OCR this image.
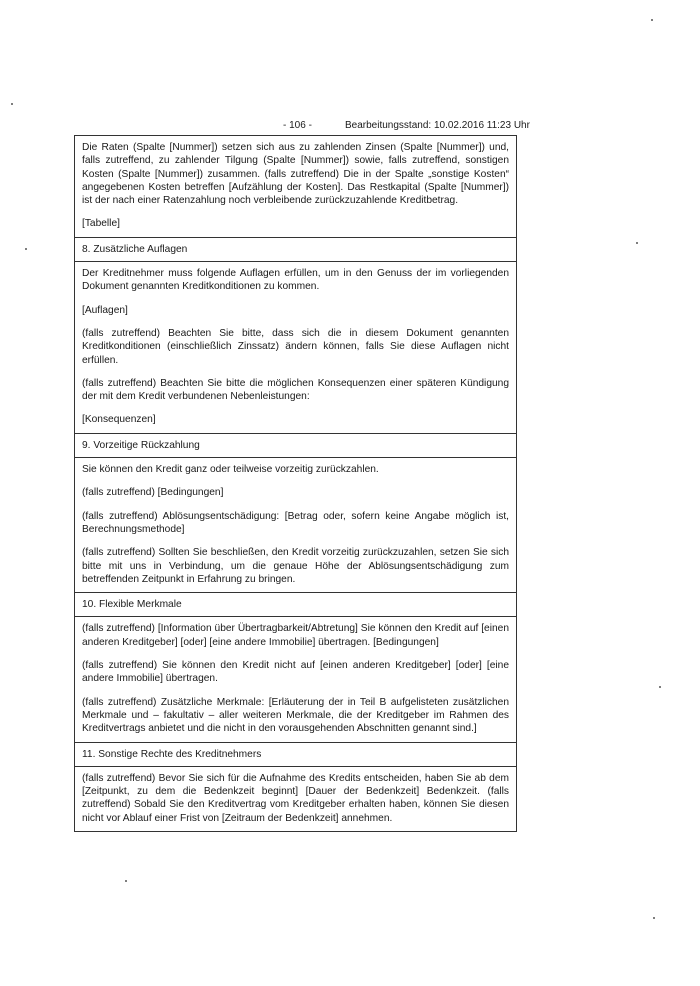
- 106 -	Bearbeitungsstand: 10.02.2016 11:23 Uhr

Die Raten (Spalte [Nummer]) setzen sich aus zu zahlenden Zinsen (Spalte [Nummer]) und, falls zutreffend, zu zahlender Tilgung (Spalte [Nummer]) sowie, falls zutreffend, sonstigen Kosten (Spalte [Nummer]) zusammen. (falls zutreffend) Die in der Spalte „sonstige Kosten“ angegebenen Kosten betreffen [Aufzählung der Kosten]. Das Restkapital (Spalte [Nummer]) ist der nach einer Ratenzahlung noch verbleibende zurückzuzahlende Kreditbetrag.

[Tabelle]

8. Zusätzliche Auflagen

Der Kreditnehmer muss folgende Auflagen erfüllen, um in den Genuss der im vorliegenden Dokument genannten Kreditkonditionen zu kommen.

[Auflagen]

(falls zutreffend) Beachten Sie bitte, dass sich die in diesem Dokument genannten Kreditkonditionen (einschließlich Zinssatz) ändern können, falls Sie diese Auflagen nicht erfüllen.

(falls zutreffend) Beachten Sie bitte die möglichen Konsequenzen einer späteren Kündigung der mit dem Kredit verbundenen Nebenleistungen:

[Konsequenzen]

9. Vorzeitige Rückzahlung

Sie können den Kredit ganz oder teilweise vorzeitig zurückzahlen.

(falls zutreffend) [Bedingungen]

(falls zutreffend) Ablösungsentschädigung: [Betrag oder, sofern keine Angabe möglich ist, Berechnungsmethode]

(falls zutreffend) Sollten Sie beschließen, den Kredit vorzeitig zurückzuzahlen, setzen Sie sich bitte mit uns in Verbindung, um die genaue Höhe der Ablösungsentschädigung zum betreffenden Zeitpunkt in Erfahrung zu bringen.

10. Flexible Merkmale

(falls zutreffend) [Information über Übertragbarkeit/Abtretung] Sie können den Kredit auf [einen anderen Kreditgeber] [oder] [eine andere Immobilie] übertragen. [Bedingungen]

(falls zutreffend) Sie können den Kredit nicht auf [einen anderen Kreditgeber] [oder] [eine andere Immobilie] übertragen.

(falls zutreffend) Zusätzliche Merkmale: [Erläuterung der in Teil B aufgelisteten zusätzlichen Merkmale und – fakultativ – aller weiteren Merkmale, die der Kreditgeber im Rahmen des Kreditvertrags anbietet und die nicht in den vorausgehenden Abschnitten genannt sind.]

11. Sonstige Rechte des Kreditnehmers

(falls zutreffend) Bevor Sie sich für die Aufnahme des Kredits entscheiden, haben Sie ab dem [Zeitpunkt, zu dem die Bedenkzeit beginnt] [Dauer der Bedenkzeit] Bedenkzeit. (falls zutreffend) Sobald Sie den Kreditvertrag vom Kreditgeber erhalten haben, können Sie diesen nicht vor Ablauf einer Frist von [Zeitraum der Bedenkzeit] annehmen.
